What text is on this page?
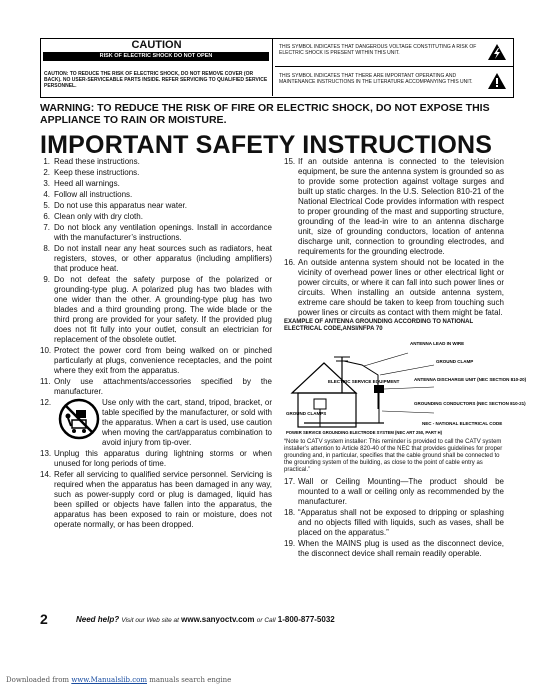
CAUTION
RISK OF ELECTRIC SHOCK DO NOT OPEN
CAUTION: TO REDUCE THE RISK OF ELECTRIC SHOCK, DO NOT REMOVE COVER (OR BACK). NO USER-SERVICEABLE PARTS INSIDE. REFER SERVICING TO QUALIFIED SERVICE PERSONNEL.
THIS SYMBOL INDICATES THAT DANGEROUS VOLTAGE CONSTITUTING A RISK OF ELECTRIC SHOCK IS PRESENT WITHIN THIS UNIT.
THIS SYMBOL INDICATES THAT THERE ARE IMPORTANT OPERATING AND MAINTENANCE INSTRUCTIONS IN THE LITERATURE ACCOMPANYING THIS UNIT.
WARNING: TO REDUCE THE RISK OF FIRE OR ELECTRIC SHOCK, DO NOT EXPOSE THIS APPLIANCE TO RAIN OR MOISTURE.
IMPORTANT SAFETY INSTRUCTIONS
1. Read these instructions.
2. Keep these instructions.
3. Heed all warnings.
4. Follow all instructions.
5. Do not use this apparatus near water.
6. Clean only with dry cloth.
7. Do not block any ventilation openings. Install in accordance with the manufacturer’s instructions.
8. Do not install near any heat sources such as radiators, heat registers, stoves, or other apparatus (including amplifiers) that produce heat.
9. Do not defeat the safety purpose of the polarized or grounding-type plug. A polarized plug has two blades with one wider than the other. A grounding-type plug has two blades and a third grounding prong. The wide blade or the third prong are provided for your safety. If the provided plug does not fit fully into your outlet, consult an electrician for replacement of the obsolete outlet.
10. Protect the power cord from being walked on or pinched particularly at plugs, convenience receptacles, and the point where they exit from the apparatus.
11. Only use attachments/accessories specified by the manufacturer.
12.	Use only with the cart, stand, tripod, bracket, or table specified by the manufacturer, or sold with the apparatus. When a cart is used, use caution when moving the cart/apparatus combination to avoid injury from tip-over.
13. Unplug this apparatus during lightning storms or when unused for long periods of time.
14. Refer all servicing to qualified service personnel. Servicing is required when the apparatus has been damaged in any way, such as power-supply cord or plug is damaged, liquid has been spilled or objects have fallen into the apparatus, the apparatus has been exposed to rain or moisture, does not operate normally, or has been dropped.
15. If an outside antenna is connected to the television equipment, be sure the antenna system is grounded so as to provide some protection against voltage surges and built up static charges. In the U.S. Selection 810-21 of the National Electrical Code provides information with respect to proper grounding of the mast and supporting structure, grounding of the lead-in wire to an antenna discharge unit, size of grounding conductors, location of antenna discharge unit, connection to grounding electrodes, and requirements for the grounding electrode.
16. An outside antenna system should not be located in the vicinity of overhead power lines or other electrical light or power circuits, or where it can fall into such power lines or circuits. When installing an outside antenna system, extreme care should be taken to keep from touching such power lines or circuits as contact with them might be fatal.
EXAMPLE OF ANTENNA GROUNDING ACCORDING TO NATIONAL ELECTRICAL CODE,ANSI/NFPA 70
ANTENNA LEAD IN WIRE
GROUND CLAMP
ELECTRIC SERVICE EQUIPMENT	ANTENNA DISCHARGE UNIT (NEC SECTION 810-20)
GROUNDING CONDUCTORS (NEC SECTION 810-21)
GROUND CLAMPS
POWER SERVICE GROUNDING ELECTRODE SYSTEM (NEC ART 250, PART H)
NEC - NATIONAL ELECTRICAL CODE
“Note to CATV system installer: This reminder is provided to call the CATV system installer’s attention to Article 820-40 of the NEC that provides guidelines for proper grounding and, in particular, specifies that the cable ground shall be connected to the grounding system of the building, as close to the point of cable entry as practical.”
17. Wall or Ceiling Mounting—The product should be mounted to a wall or ceiling only as recommended by the manufacturer.
18. “Apparatus shall not be exposed to dripping or splashing and no objects filled with liquids, such as vases, shall be placed on the apparatus.”
19. When the MAINS plug is used as the disconnect device, the disconnect device shall remain readily operable.
2	Need help? Visit our Web site at www.sanyoctv.com or Call 1-800-877-5032
Downloaded from www.Manualslib.com manuals search engine
